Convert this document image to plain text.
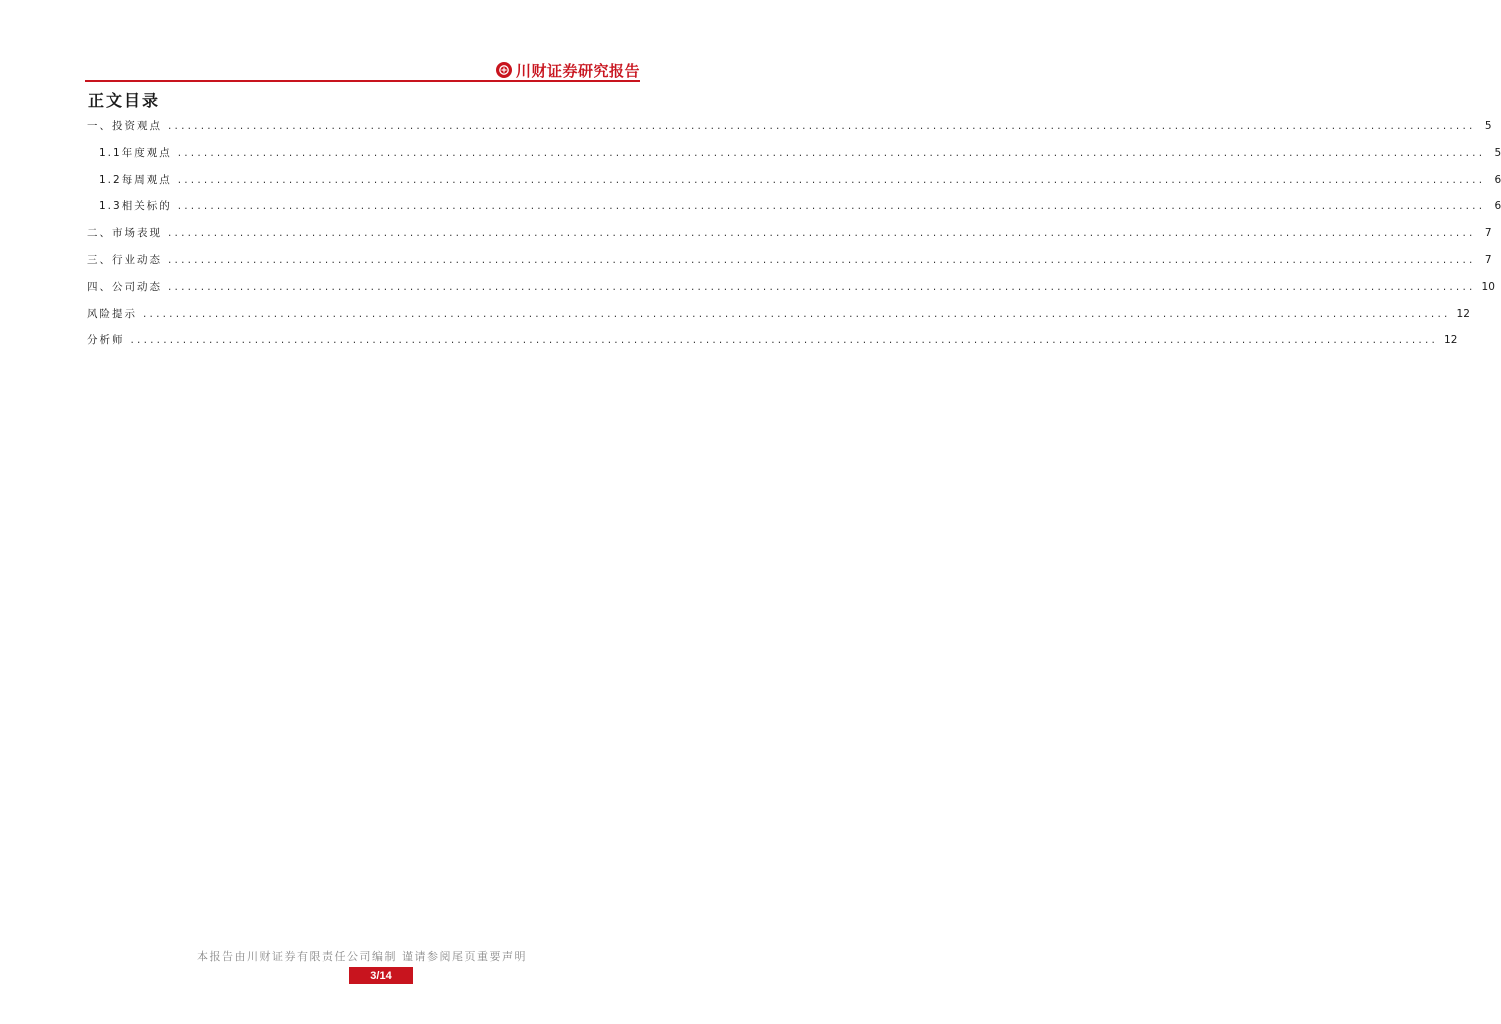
川财证券研究报告
正文目录
一、投资观点 ........................................................................................................................................................................................................ 5
1.1年度观点 ........................................................................................................................................................................................................ 5
1.2每周观点 ........................................................................................................................................................................................................ 6
1.3相关标的 ........................................................................................................................................................................................................ 6
二、市场表现 ........................................................................................................................................................................................................ 7
三、行业动态 ........................................................................................................................................................................................................ 7
四、公司动态 ........................................................................................................................................................................................................ 10
风险提示 ........................................................................................................................................................................................................ 12
分析师 ........................................................................................................................................................................................................ 12
本报告由川财证券有限责任公司编制 谨请参阅尾页重要声明
3/14
